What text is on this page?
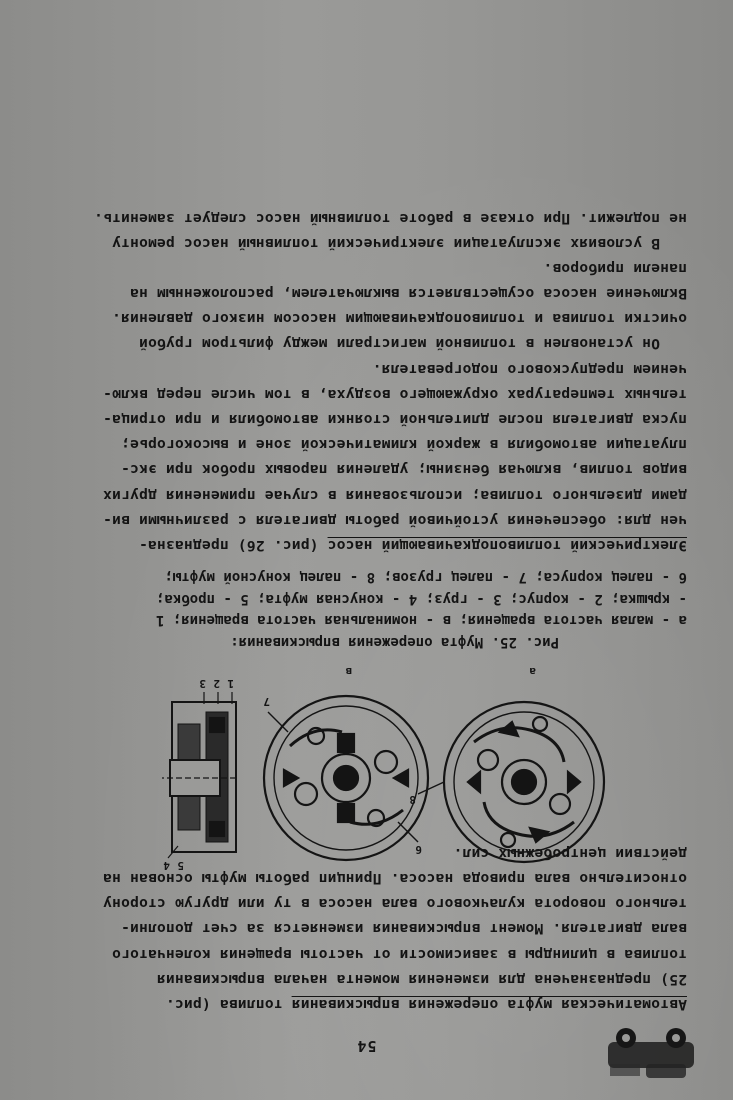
54
Автоматическая муфта опережения впрыскивания топлива (рис.
25) предназначена для изменения момента начала впрыскивания
топлива в цилиндры в зависимости от частоты вращения коленчатого
вала двигателя. Момент впрыскивания изменяется за счет дополни-
тельного поворота кулачкового вала насоса в ту или другую сторону
относительно вала привода насоса. Принцип работы муфты основан на
действии центробежных сил.
1
2
3
4 5
6
7
8
а
в
Рис. 25. Муфта опережения впрыскивания:
а - малая частота вращения; в - номинальная частота вращения; 1
- крышка; 2 - корпус; 3 - груз; 4 - конусная муфта; 5 - пробка;
6 - палец корпуса; 7 - палец грузов; 8 - палец конусной муфты;
Электрический топливоподкачивающий насос (рис. 26) предназна-
чен для: обеспечения устойчивой работы двигателя с различными ви-
дами дизельного топлива; использования в случае применения других
видов топлив, включая бензины; удаления паровых пробок при экс-
плуатации автомобиля в жаркой климатической зоне и высокогорье;
пуска двигателя после длительной стоянки автомобиля и при отрица-
тельных температурах окружающего воздуха, в том числе перед вклю-
чением предпускового подогревателя.
Он установлен в топливной магистрали между фильтром грубой
очистки топлива и топливоподкачивающим насосом низкого давления.
Включение насоса осуществляется выключателем, расположенным на
панели приборов.
В условиях эксплуатации электрический топливный насос ремонту
не подлежит. При отказе в работе топливный насос следует заменить.
